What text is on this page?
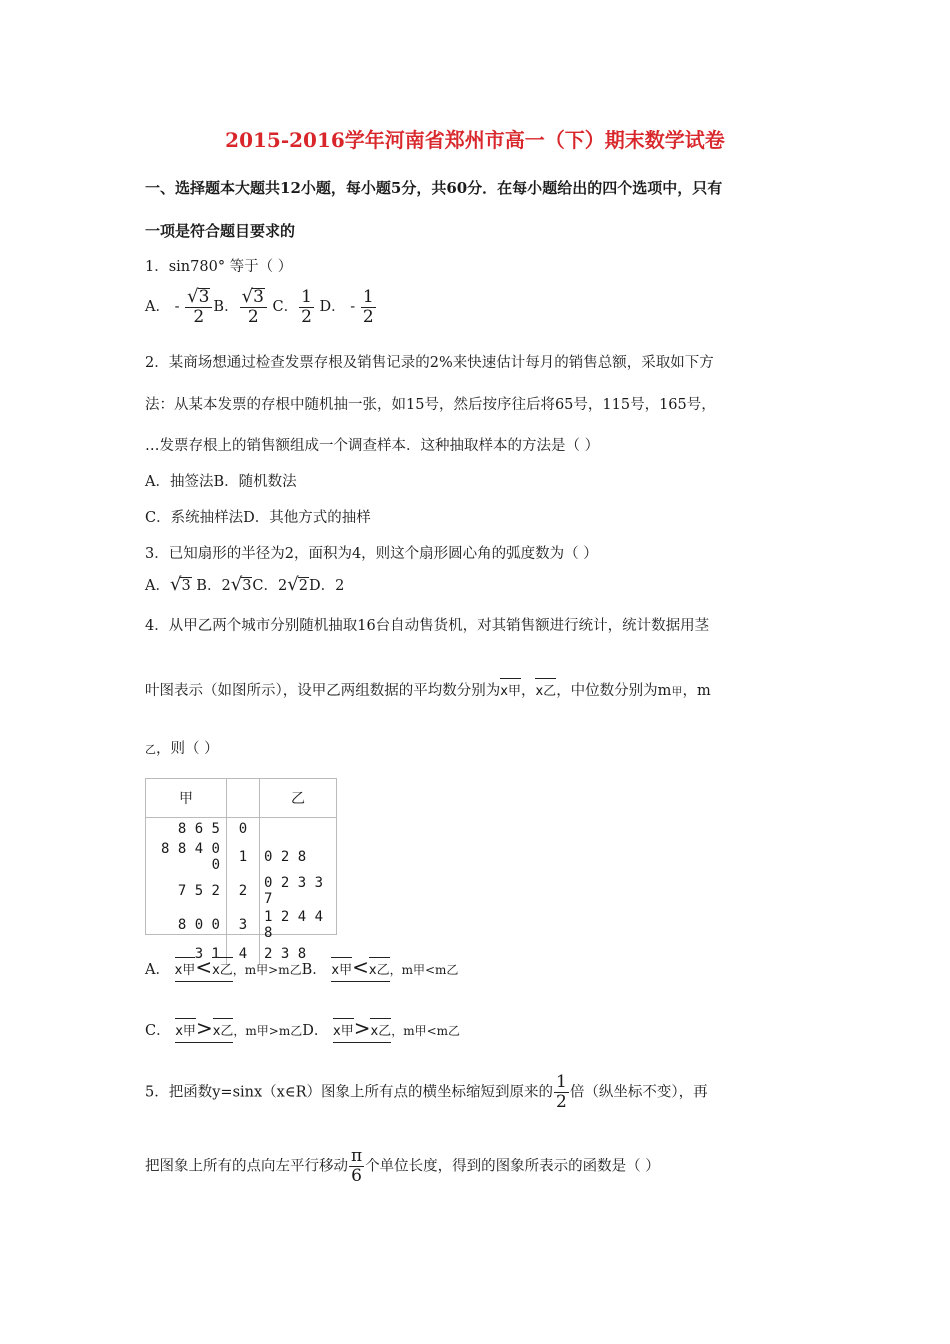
2015-2016学年河南省郑州市高一（下）期末数学试卷
一、选择题本大题共12小题，每小题5分，共60分．在每小题给出的四个选项中，只有
一项是符合题目要求的
1．sin780° 等于（ ）
A． - $\frac{√3}{2}$ B． $\frac{√3}{2}$ C． $\frac{1}{2}$ D． - $\frac{1}{2}$
2．某商场想通过检查发票存根及销售记录的2%来快速估计每月的销售总额，采取如下方
法：从某本发票的存根中随机抽一张，如15号，然后按序往后将65号，115号，165号，
…发票存根上的销售额组成一个调查样本．这种抽取样本的方法是（ ）
A．抽签法B．随机数法
C．系统抽样法D．其他方式的抽样
3．已知扇形的半径为2，面积为4，则这个扇形圆心角的弧度数为（ ）
A．√3 B．2√3C．2√2D．2
4．从甲乙两个城市分别随机抽取16台自动售货机，对其销售额进行统计，统计数据用茎
叶图表示（如图所示），设甲乙两组数据的平均数分别为x甲，x乙，中位数分别为m甲，m
乙，则（ ）
甲		乙
8 6 5	0	
8 8 4 0 0	1	0 2 8
7 5 2	2	0 2 3 3 7
8 0 0	3	1 2 4 4 8
3 1	4	2 3 8
A． x甲<x乙，m甲>m乙B． x甲<x乙，m甲<m乙
C． x甲>x乙，m甲>m乙D． x甲>x乙，m甲<m乙
5．把函数y=sinx（x∈R）图象上所有点的横坐标缩短到原来的 $\frac{1}{2}$ 倍（纵坐标不变），再
把图象上所有的点向左平行移动 $\frac{\pi}{6}$ 个单位长度，得到的图象所表示的函数是（ ）
